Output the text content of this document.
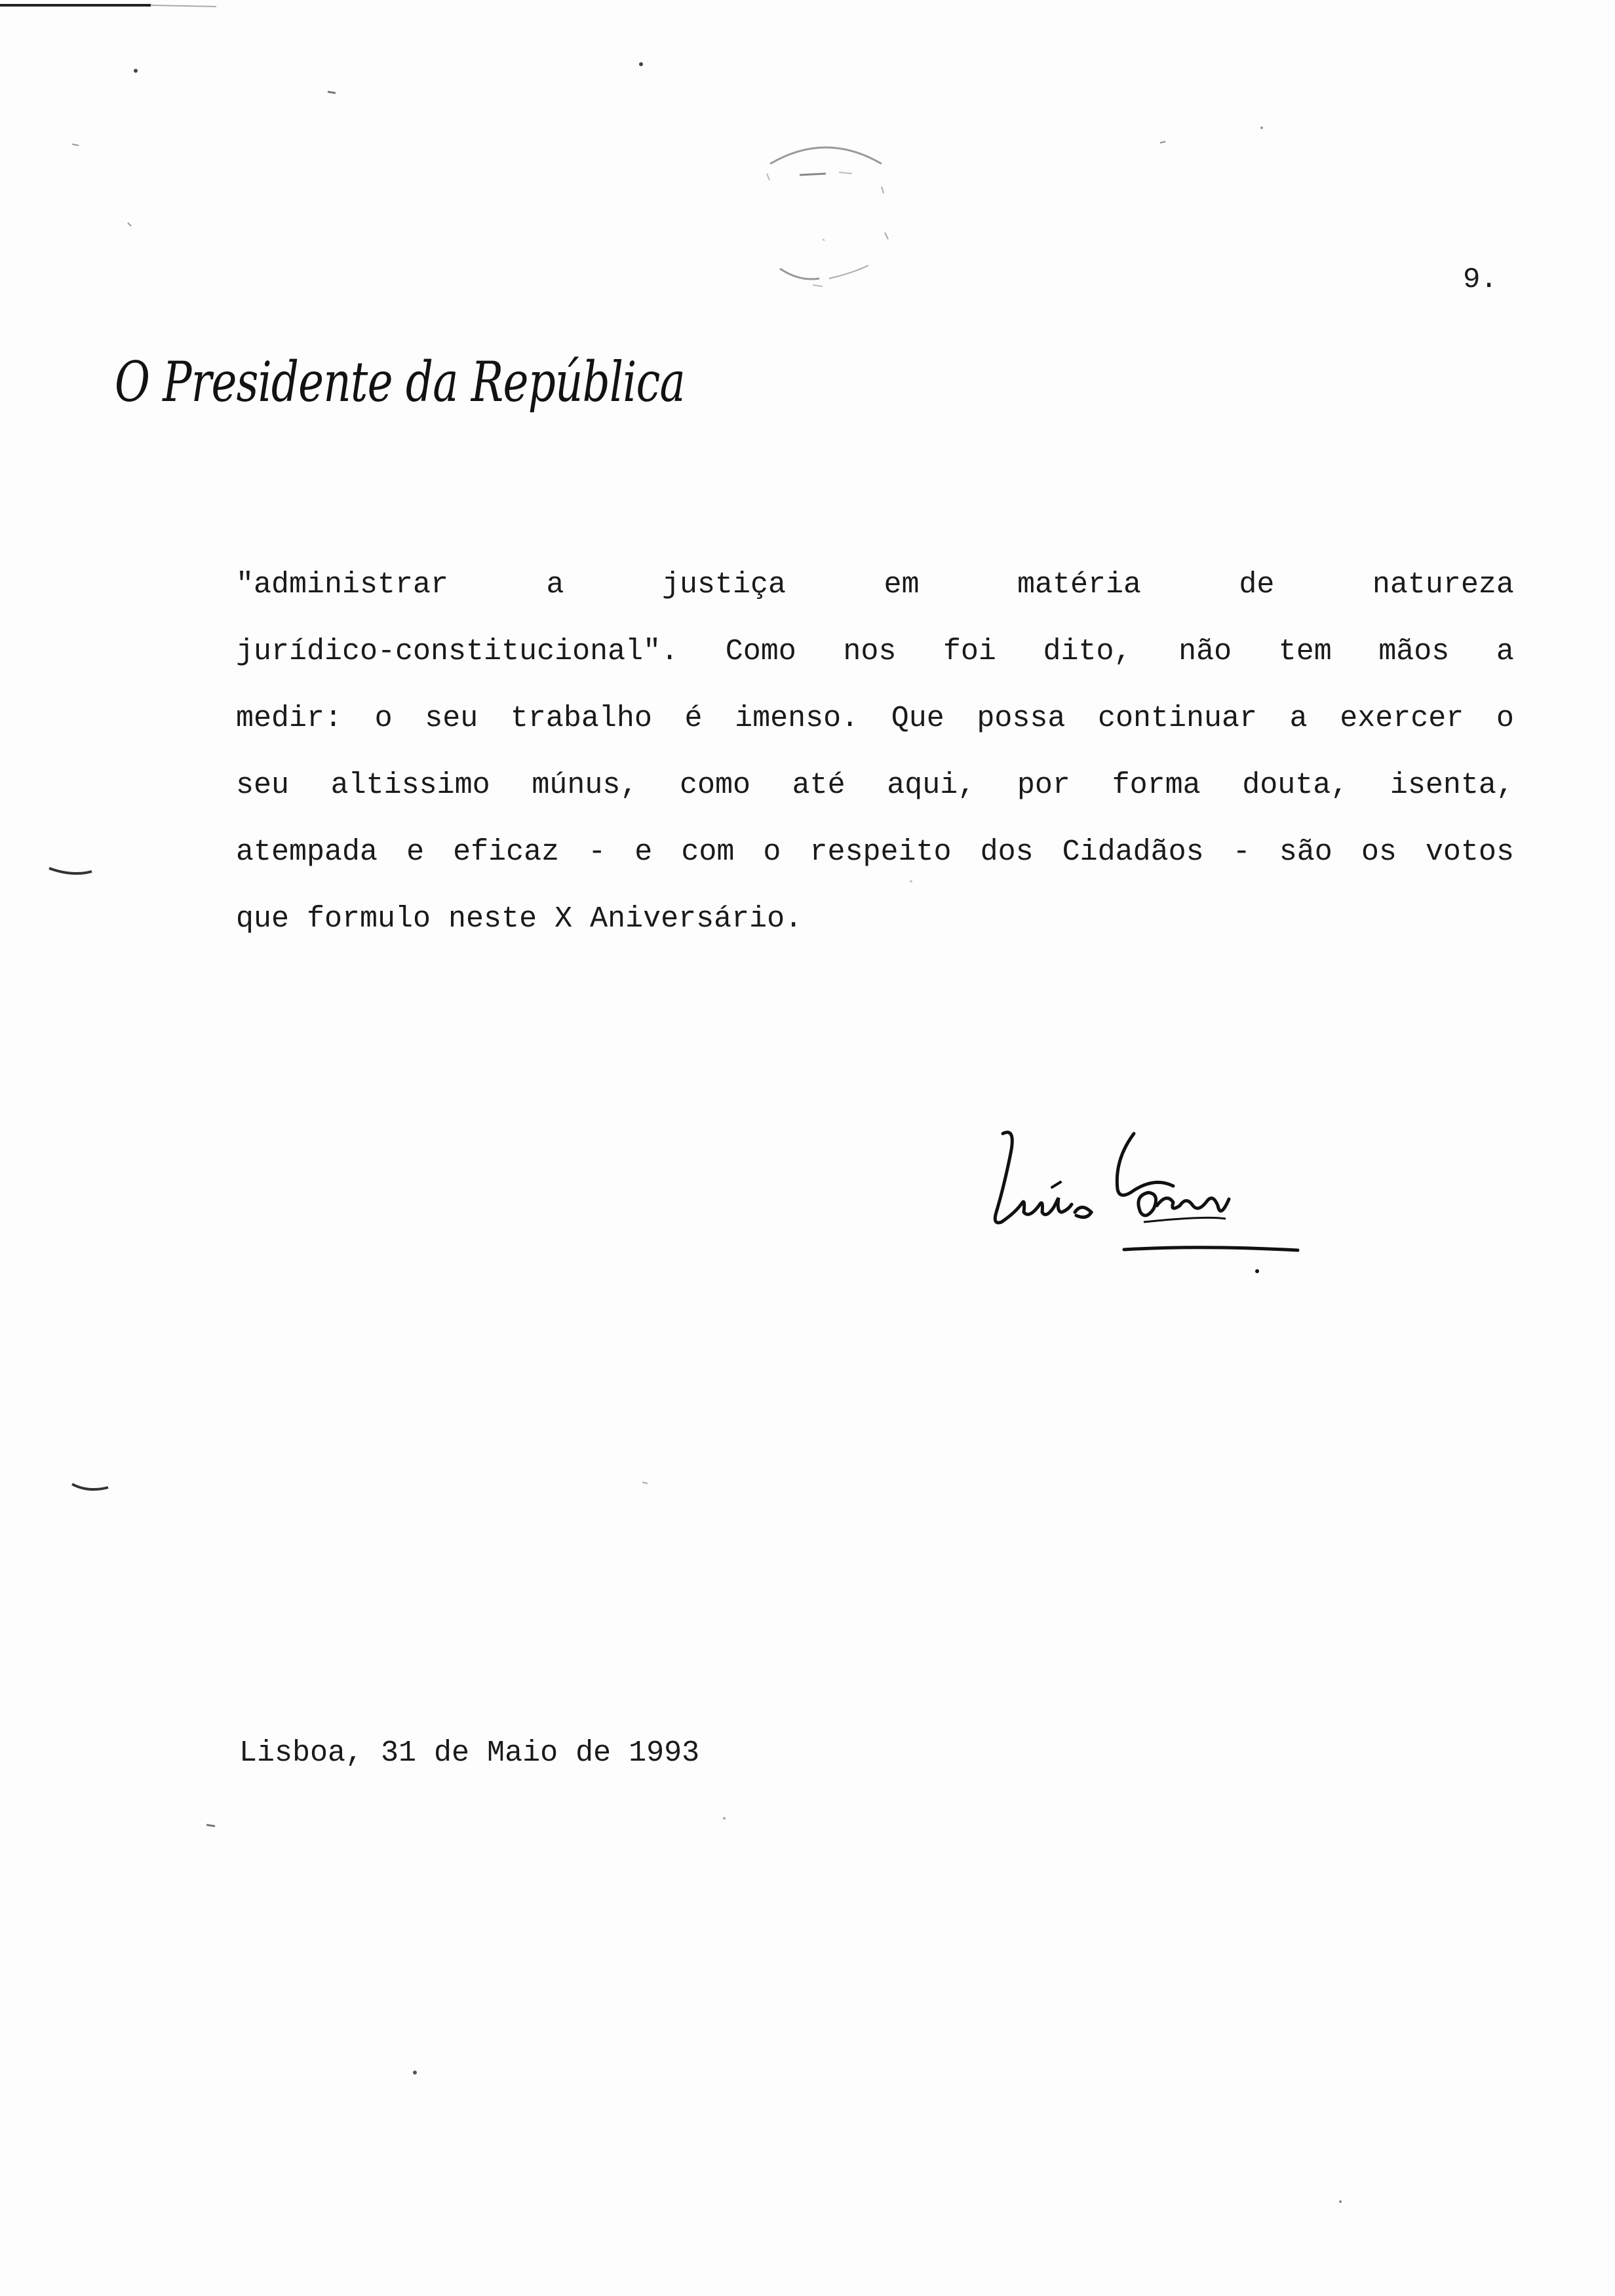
9.
O Presidente da República
"administrar	a	justiça	em	matéria	de	natureza
jurídico-constitucional". Como nos foi dito, não tem mãos a
medir: o seu trabalho é imenso. Que possa continuar a exercer o
seu altissimo múnus, como até aqui, por forma douta, isenta,
atempada e eficaz - e com o respeito dos Cidadãos - são os votos
que formulo neste X Aniversário.
Lisboa, 31 de Maio de 1993
